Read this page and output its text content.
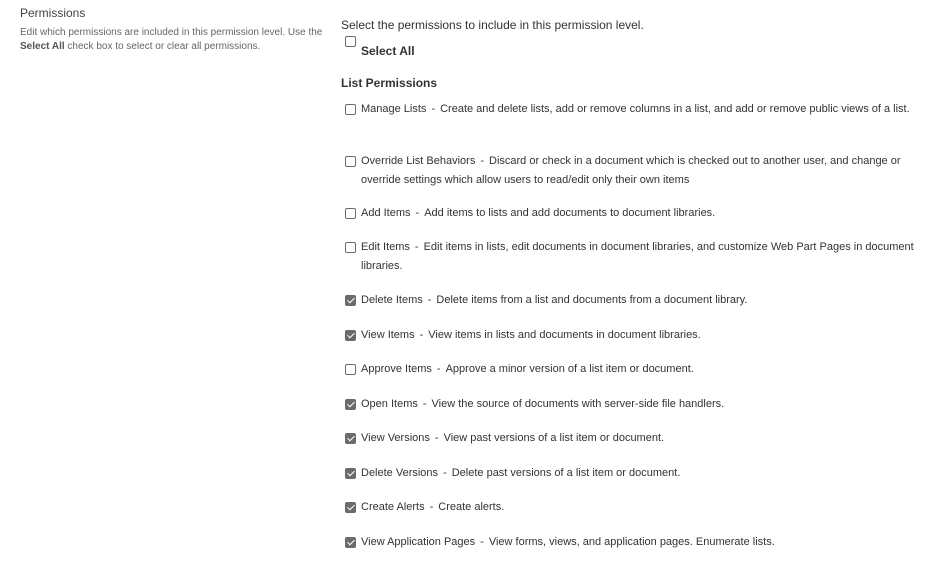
Permissions
Edit which permissions are included in this permission level. Use the Select All check box to select or clear all permissions.
Select the permissions to include in this permission level.
Select All
List Permissions
Manage Lists - Create and delete lists, add or remove columns in a list, and add or remove public views of a list.
Override List Behaviors - Discard or check in a document which is checked out to another user, and change or override settings which allow users to read/edit only their own items
Add Items - Add items to lists and add documents to document libraries.
Edit Items - Edit items in lists, edit documents in document libraries, and customize Web Part Pages in document libraries.
Delete Items - Delete items from a list and documents from a document library.
View Items - View items in lists and documents in document libraries.
Approve Items - Approve a minor version of a list item or document.
Open Items - View the source of documents with server-side file handlers.
View Versions - View past versions of a list item or document.
Delete Versions - Delete past versions of a list item or document.
Create Alerts - Create alerts.
View Application Pages - View forms, views, and application pages. Enumerate lists.
